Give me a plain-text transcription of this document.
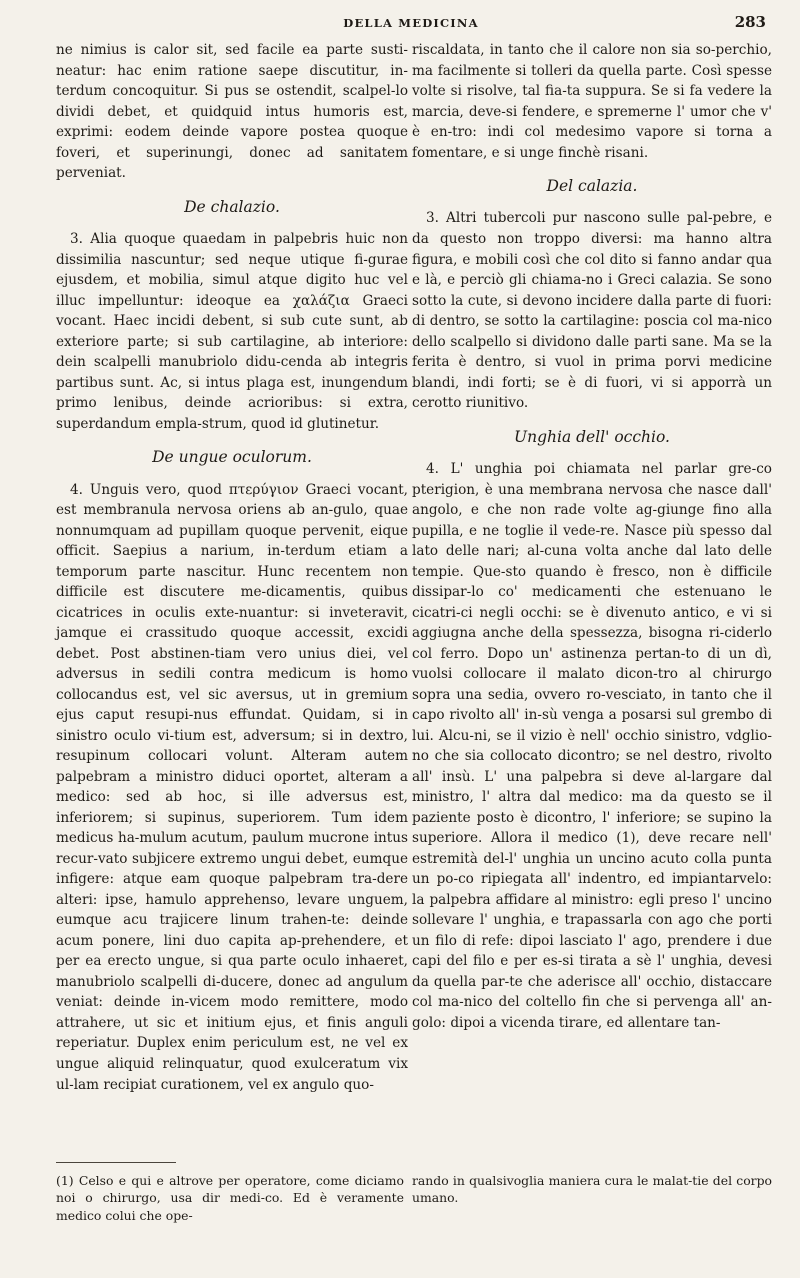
DELLA MEDICINA	283

ne nimius is calor sit, sed facile ea parte susti-neatur: hac enim ratione saepe discutitur, in-terdum concoquitur. Si pus se ostendit, scalpel-lo dividi debet, et quidquid intus humoris est, exprimi: eodem deinde vapore postea quoque foveri, et superinungi, donec ad sanitatem perveniat.

De chalazio.

3. Alia quoque quaedam in palpebris huic non dissimilia nascuntur; sed neque utique fi-gurae ejusdem, et mobilia, simul atque digito huc vel illuc impelluntur: ideoque ea χαλάζια Graeci vocant. Haec incidi debent, si sub cute sunt, ab exteriore parte; si sub cartilagine, ab interiore: dein scalpelli manubriolo didu-cenda ab integris partibus sunt. Ac, si intus plaga est, inungendum primo lenibus, deinde acrioribus: si extra, superdandum empla-strum, quod id glutinetur.

De ungue oculorum.

4. Unguis vero, quod πτερύγιον Graeci vocant, est membranula nervosa oriens ab an-gulo, quae nonnumquam ad pupillam quoque pervenit, eique officit. Saepius a narium, in-terdum etiam a temporum parte nascitur. Hunc recentem non difficile est discutere me-dicamentis, quibus cicatrices in oculis exte-nuantur: si inveteravit, jamque ei crassitudo quoque accessit, excidi debet. Post abstinen-tiam vero unius diei, vel adversus in sedili contra medicum is homo collocandus est, vel sic aversus, ut in gremium ejus caput resupi-nus effundat. Quidam, si in sinistro oculo vi-tium est, adversum; si in dextro, resupinum collocari volunt. Alteram autem palpebram a ministro diduci oportet, alteram a medico: sed ab hoc, si ille adversus est, inferiorem; si supinus, superiorem. Tum idem medicus ha-mulum acutum, paulum mucrone intus recur-vato subjicere extremo ungui debet, eumque infigere: atque eam quoque palpebram tra-dere alteri: ipse, hamulo apprehenso, levare unguem, eumque acu trajicere linum trahen-te: deinde acum ponere, lini duo capita ap-prehendere, et per ea erecto ungue, si qua parte oculo inhaeret, manubriolo scalpelli di-ducere, donec ad angulum veniat: deinde in-vicem modo remittere, modo attrahere, ut sic et initium ejus, et finis anguli reperiatur. Duplex enim periculum est, ne vel ex ungue aliquid relinquatur, quod exulceratum vix ul-lam recipiat curationem, vel ex angulo quo-

riscaldata, in tanto che il calore non sia so-perchio, ma facilmente si tolleri da quella parte. Così spesse volte si risolve, tal fia-ta suppura. Se si fa vedere la marcia, deve-si fendere, e spremerne l' umor che v' è en-tro: indi col medesimo vapore si torna a fomentare, e si unge finchè risani.

Del calazia.

3. Altri tubercoli pur nascono sulle pal-pebre, e da questo non troppo diversi: ma hanno altra figura, e mobili così che col dito si fanno andar qua e là, e perciò gli chiama-no i Greci calazia. Se sono sotto la cute, si devono incidere dalla parte di fuori: di dentro, se sotto la cartilagine: poscia col ma-nico dello scalpello si dividono dalle parti sane. Ma se la ferita è dentro, si vuol in prima porvi medicine blandi, indi forti; se è di fuori, vi si apporrà un cerotto riunitivo.

Unghia dell' occhio.

4. L' unghia poi chiamata nel parlar gre-co pterigion, è una membrana nervosa che nasce dall' angolo, e che non rade volte ag-giunge fino alla pupilla, e ne toglie il vede-re. Nasce più spesso dal lato delle nari; al-cuna volta anche dal lato delle tempie. Que-sto quando è fresco, non è difficile dissipar-lo co' medicamenti che estenuano le cicatri-ci negli occhi: se è divenuto antico, e vi si aggiugna anche della spessezza, bisogna ri-ciderlo col ferro. Dopo un' astinenza pertan-to di un dì, vuolsi collocare il malato dicon-tro al chirurgo sopra una sedia, ovvero ro-vesciato, in tanto che il capo rivolto all' in-sù venga a posarsi sul grembo di lui. Alcu-ni, se il vizio è nell' occhio sinistro, vdglio-no che sia collocato dicontro; se nel destro, rivolto all' insù. L' una palpebra si deve al-largare dal ministro, l' altra dal medico: ma da questo se il paziente posto è dicontro, l' inferiore; se supino la superiore. Allora il medico (1), deve recare nell' estremità del-l' unghia un uncino acuto colla punta un po-co ripiegata all' indentro, ed impiantarvelo: la palpebra affidare al ministro: egli preso l' uncino sollevare l' unghia, e trapassarla con ago che porti un filo di refe: dipoi lasciato l' ago, prendere i due capi del filo e per es-si tirata a sè l' unghia, devesi da quella par-te che aderisce all' occhio, distaccare col ma-nico del coltello fin che si pervenga all' an-golo: dipoi a vicenda tirare, ed allentare tan-

(1) Celso e qui e altrove per operatore, come diciamo noi o chirurgo, usa dir medi-co. Ed è veramente medico colui che ope-
rando in qualsivoglia maniera cura le malat-tie del corpo umano.
